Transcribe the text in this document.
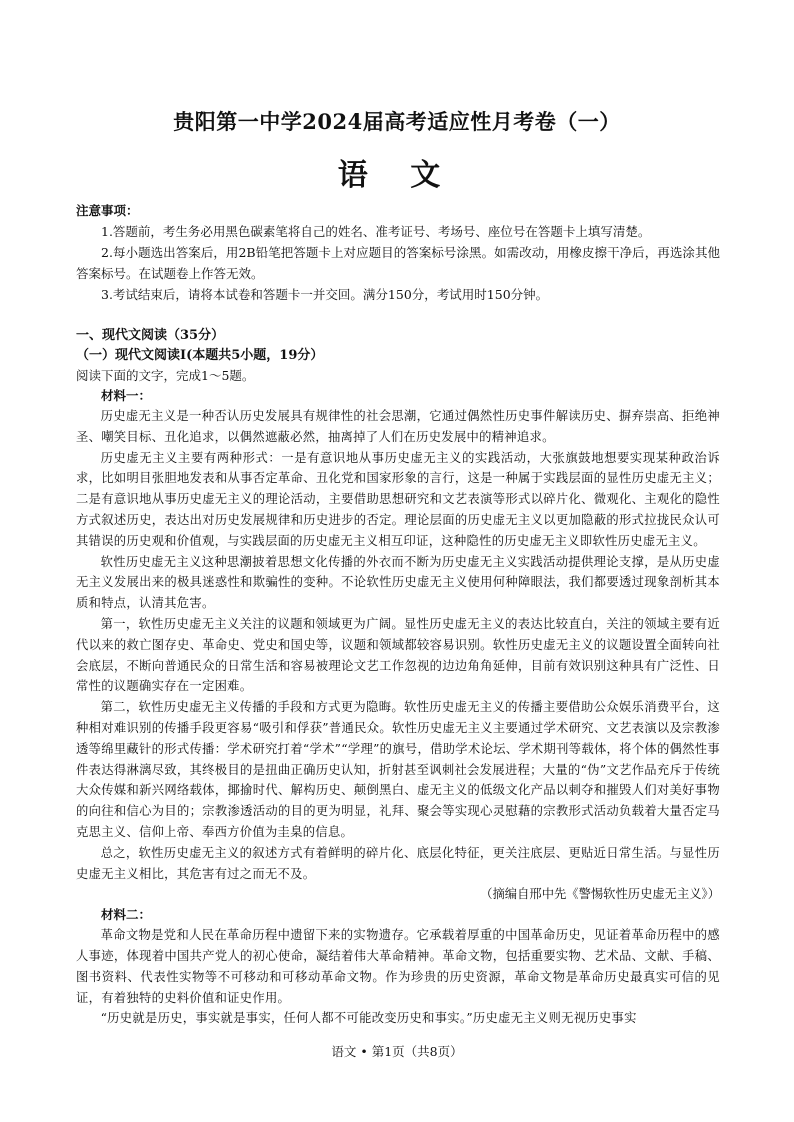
贵阳第一中学2024届高考适应性月考卷（一）
语 文

注意事项：

1.答题前，考生务必用黑色碳素笔将自己的姓名、准考证号、考场号、座位号在答题卡上填写清楚。

2.每小题选出答案后，用2B铅笔把答题卡上对应题目的答案标号涂黑。如需改动，用橡皮擦干净后，再选涂其他答案标号。在试题卷上作答无效。

3.考试结束后，请将本试卷和答题卡一并交回。满分150分，考试用时150分钟。

一、现代文阅读（35分）

（一）现代文阅读Ⅰ(本题共5小题，19分）

阅读下面的文字，完成1～5题。

材料一：

历史虚无主义是一种否认历史发展具有规律性的社会思潮，它通过偶然性历史事件解读历史、摒弃崇高、拒绝神圣、嘲笑目标、丑化追求，以偶然遮蔽必然，抽离掉了人们在历史发展中的精神追求。

历史虚无主义主要有两种形式：一是有意识地从事历史虚无主义的实践活动，大张旗鼓地想要实现某种政治诉求，比如明目张胆地发表和从事否定革命、丑化党和国家形象的言行，这是一种属于实践层面的显性历史虚无主义；二是有意识地从事历史虚无主义的理论活动，主要借助思想研究和文艺表演等形式以碎片化、微观化、主观化的隐性方式叙述历史，表达出对历史发展规律和历史进步的否定。理论层面的历史虚无主义以更加隐蔽的形式拉拢民众认可其错误的历史观和价值观，与实践层面的历史虚无主义相互印证，这种隐性的历史虚无主义即软性历史虚无主义。

软性历史虚无主义这种思潮披着思想文化传播的外衣而不断为历史虚无主义实践活动提供理论支撑，是从历史虚无主义发展出来的极具迷惑性和欺骗性的变种。不论软性历史虚无主义使用何种障眼法，我们都要透过现象剖析其本质和特点，认清其危害。

第一，软性历史虚无主义关注的议题和领域更为广阔。显性历史虚无主义的表达比较直白，关注的领域主要有近代以来的救亡图存史、革命史、党史和国史等，议题和领域都较容易识别。软性历史虚无主义的议题设置全面转向社会底层，不断向普通民众的日常生活和容易被理论文艺工作忽视的边边角角延伸，目前有效识别这种具有广泛性、日常性的议题确实存在一定困难。

第二，软性历史虚无主义传播的手段和方式更为隐晦。软性历史虚无主义的传播主要借助公众娱乐消费平台，这种相对难识别的传播手段更容易“吸引和俘获”普通民众。软性历史虚无主义主要通过学术研究、文艺表演以及宗教渗透等绵里藏针的形式传播：学术研究打着“学术”“学理”的旗号，借助学术论坛、学术期刊等载体，将个体的偶然性事件表达得淋漓尽致，其终极目的是扭曲正确历史认知，折射甚至讽刺社会发展进程；大量的“伪”文艺作品充斥于传统大众传媒和新兴网络载体，揶揄时代、解构历史、颠倒黑白、虚无主义的低级文化产品以刺夺和摧毁人们对美好事物的向往和信心为目的；宗教渗透活动的目的更为明显，礼拜、聚会等实现心灵慰藉的宗教形式活动负载着大量否定马克思主义、信仰上帝、奉西方价值为圭臬的信息。

总之，软性历史虚无主义的叙述方式有着鲜明的碎片化、底层化特征，更关注底层、更贴近日常生活。与显性历史虚无主义相比，其危害有过之而无不及。

（摘编自邢中先《警惕软性历史虚无主义》）

材料二：

革命文物是党和人民在革命历程中遗留下来的实物遗存。它承载着厚重的中国革命历史，见证着革命历程中的感人事迹，体现着中国共产党人的初心使命，凝结着伟大革命精神。革命文物，包括重要实物、艺术品、文献、手稿、图书资料、代表性实物等不可移动和可移动革命文物。作为珍贵的历史资源，革命文物是革命历史最真实可信的见证，有着独特的史料价值和证史作用。

“历史就是历史，事实就是事实，任何人都不可能改变历史和事实。”历史虚无主义则无视历史事实

语文 • 第1页（共8页）
